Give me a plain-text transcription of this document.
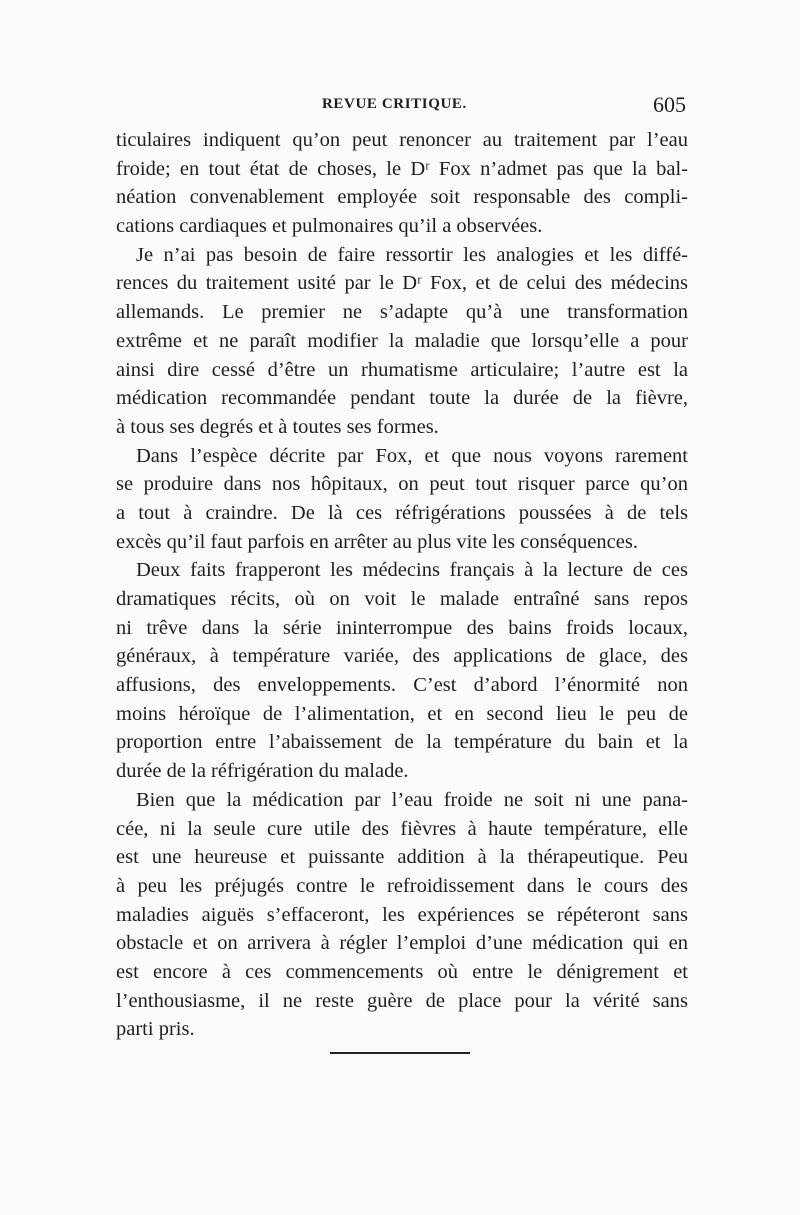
REVUE CRITIQUE.	605
ticulaires indiquent qu’on peut renoncer au traitement par l’eau
froide; en tout état de choses, le Dʳ Fox n’admet pas que la bal-
néation convenablement employée soit responsable des compli-
cations cardiaques et pulmonaires qu’il a observées.
Je n’ai pas besoin de faire ressortir les analogies et les diffé-
rences du traitement usité par le Dʳ Fox, et de celui des médecins
allemands. Le premier ne s’adapte qu’à une transformation
extrême et ne paraît modifier la maladie que lorsqu’elle a pour
ainsi dire cessé d’être un rhumatisme articulaire; l’autre est la
médication recommandée pendant toute la durée de la fièvre,
à tous ses degrés et à toutes ses formes.
Dans l’espèce décrite par Fox, et que nous voyons rarement
se produire dans nos hôpitaux, on peut tout risquer parce qu’on
a tout à craindre. De là ces réfrigérations poussées à de tels
excès qu’il faut parfois en arrêter au plus vite les conséquences.
Deux faits frapperont les médecins français à la lecture de ces
dramatiques récits, où on voit le malade entraîné sans repos
ni trêve dans la série ininterrompue des bains froids locaux,
généraux, à température variée, des applications de glace, des
affusions, des enveloppements. C’est d’abord l’énormité non
moins héroïque de l’alimentation, et en second lieu le peu de
proportion entre l’abaissement de la température du bain et la
durée de la réfrigération du malade.
Bien que la médication par l’eau froide ne soit ni une pana-
cée, ni la seule cure utile des fièvres à haute température, elle
est une heureuse et puissante addition à la thérapeutique. Peu
à peu les préjugés contre le refroidissement dans le cours des
maladies aiguës s’effaceront, les expériences se répéteront sans
obstacle et on arrivera à régler l’emploi d’une médication qui en
est encore à ces commencements où entre le dénigrement et
l’enthousiasme, il ne reste guère de place pour la vérité sans
parti pris.
